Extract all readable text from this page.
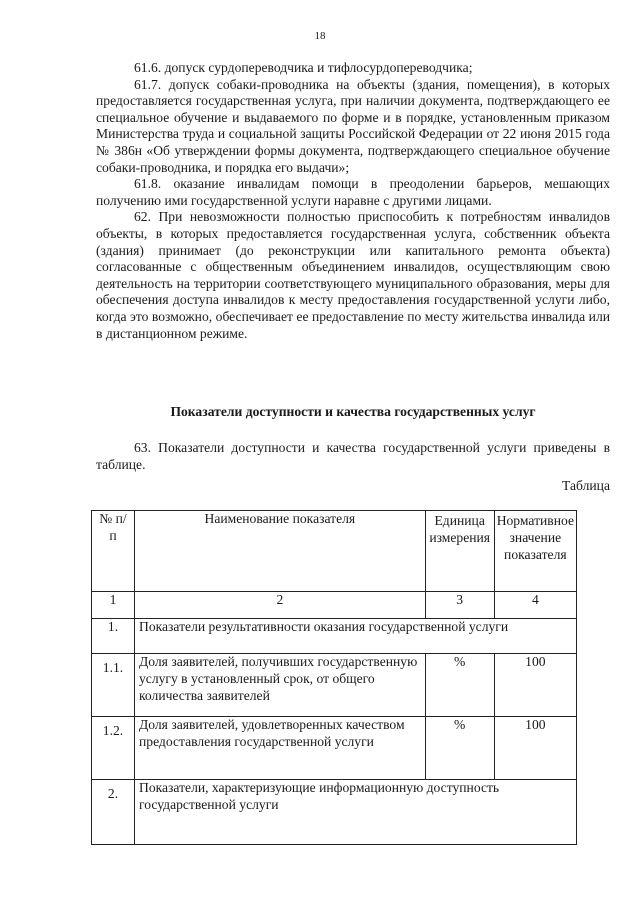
18

61.6. допуск сурдопереводчика и тифлосурдопереводчика;

61.7. допуск собаки-проводника на объекты (здания, помещения), в которых предоставляется государственная услуга, при наличии документа, подтверждающего ее специальное обучение и выдаваемого по форме и в порядке, установленным приказом Министерства труда и социальной защиты Российской Федерации от 22 июня 2015 года № 386н «Об утверждении формы документа, подтверждающего специальное обучение собаки-проводника, и порядка его выдачи»;

61.8. оказание инвалидам помощи в преодолении барьеров, мешающих получению ими государственной услуги наравне с другими лицами.

62. При невозможности полностью приспособить к потребностям инвалидов объекты, в которых предоставляется государственная услуга, собственник объекта (здания) принимает (до реконструкции или капитального ремонта объекта) согласованные с общественным объединением инвалидов, осуществляющим свою деятельность на территории соответствующего муниципального образования, меры для обеспечения доступа инвалидов к месту предоставления государственной услуги либо, когда это возможно, обеспечивает ее предоставление по месту жительства инвалида или в дистанционном режиме.

Показатели доступности и качества государственных услуг

63. Показатели доступности и качества государственной услуги приведены в таблице.

Таблица
№ п/п	Наименование показателя	Единица измерения	Нормативное значение показателя
1	2	3	4
1.	Показатели результативности оказания государственной услуги		
1.1.	Доля заявителей, получивших государственную услугу в установленный срок, от общего количества заявителей	%	100
1.2.	Доля заявителей, удовлетворенных качеством предоставления государственной услуги	%	100
2.	Показатели, характеризующие информационную доступность государственной услуги		
